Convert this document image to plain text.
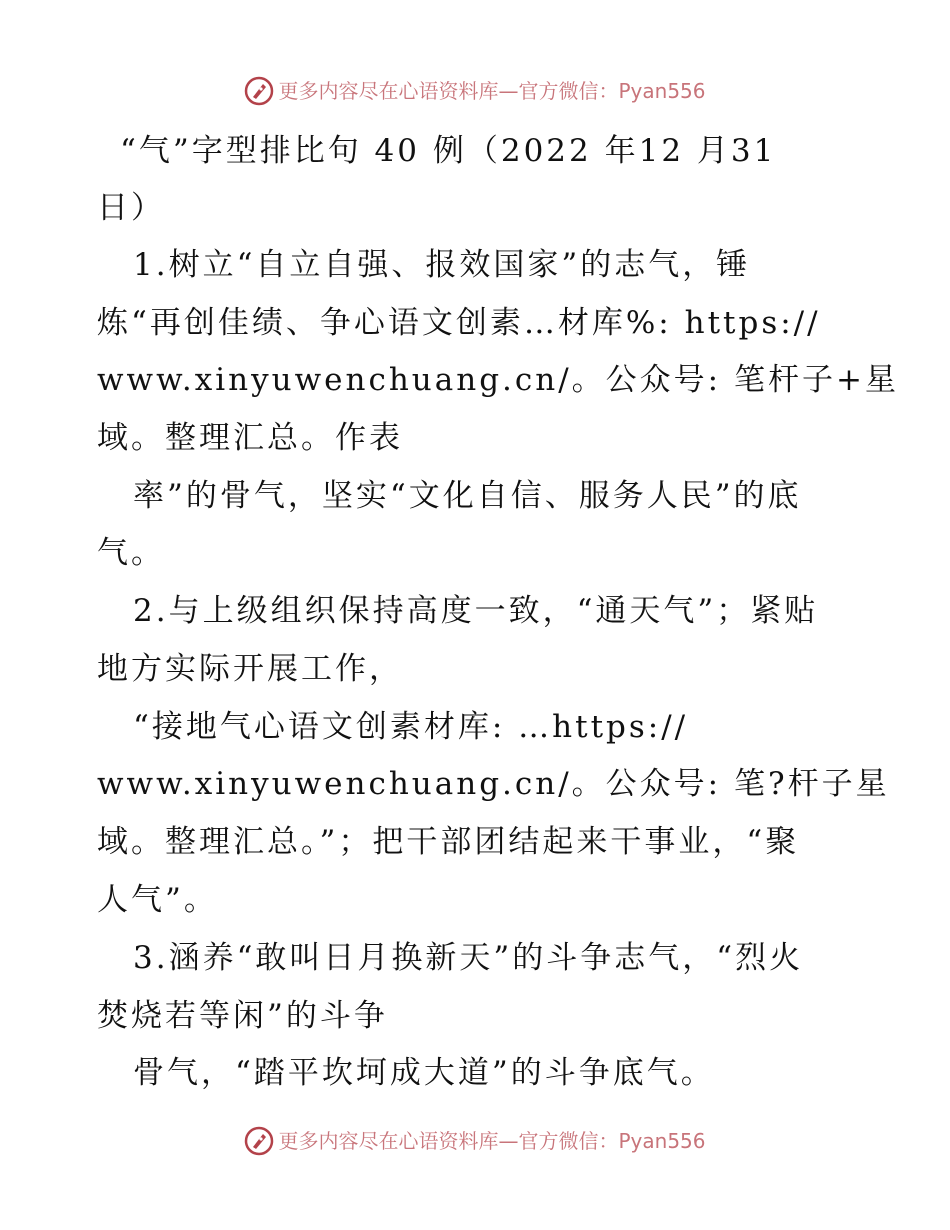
更多内容尽在心语资料库—官方微信：Pyan556
“气”字型排比句 40 例（2022 年12 月31
日）
1.树立“自立自强、报效国家”的志气，锤
炼“再创佳绩、争心语文创素…材库%: https://
www.xinyuwenchuang.cn/。公众号: 笔杆子+星
域。整理汇总。作表
率”的骨气，坚实“文化自信、服务人民”的底
气。
2.与上级组织保持高度一致，“通天气”；紧贴
地方实际开展工作，
“接地气心语文创素材库: …https://
www.xinyuwenchuang.cn/。公众号: 笔?杆子星
域。整理汇总。”；把干部团结起来干事业，“聚
人气”。
3.涵养“敢叫日月换新天”的斗争志气，“烈火
焚烧若等闲”的斗争
骨气，“踏平坎坷成大道”的斗争底气。
更多内容尽在心语资料库—官方微信：Pyan556
